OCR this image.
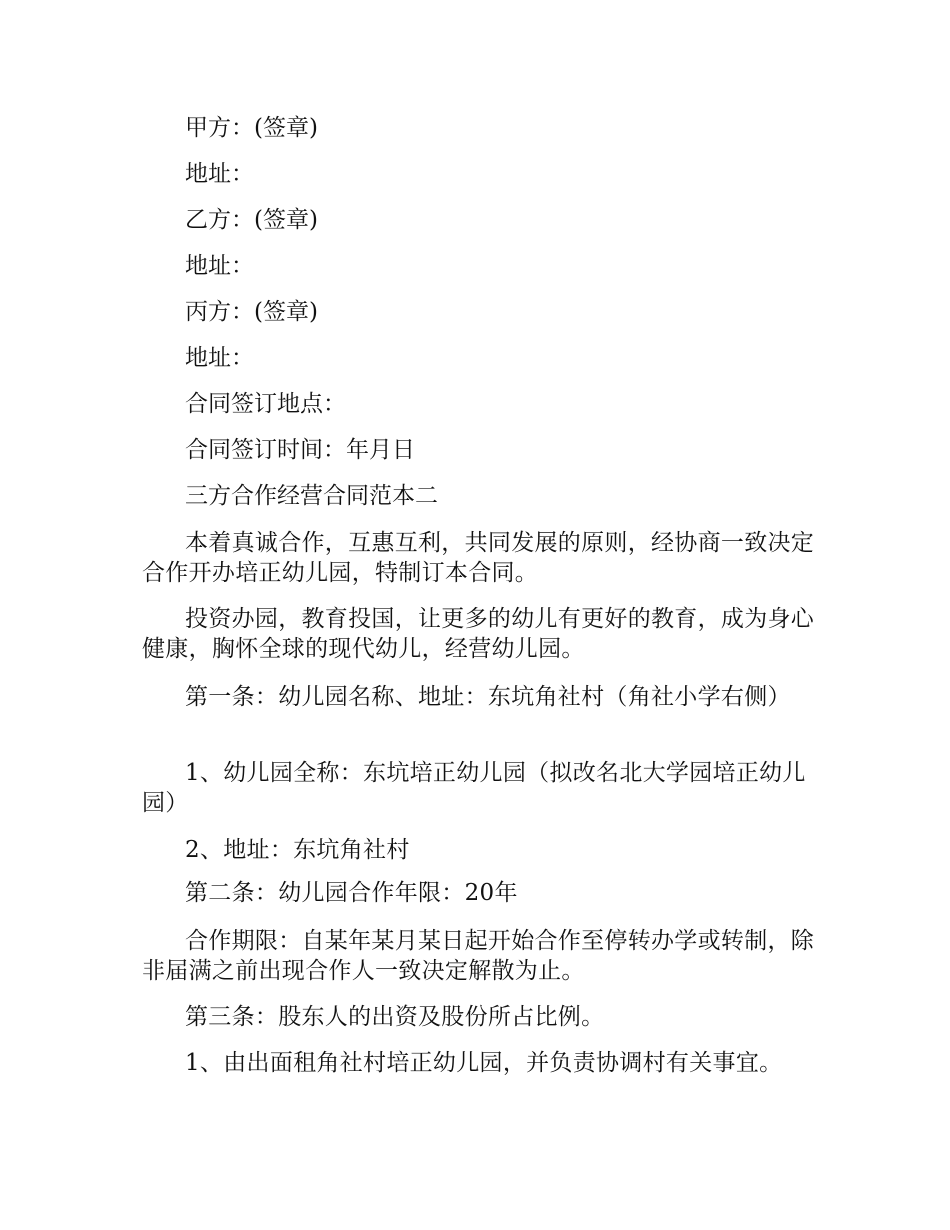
甲方：(签章)
地址：
乙方：(签章)
地址：
丙方：(签章)
地址：
合同签订地点：
合同签订时间：年月日
三方合作经营合同范本二
本着真诚合作，互惠互利，共同发展的原则，经协商一致决定合作开办培正幼儿园，特制订本合同。
投资办园，教育投国，让更多的幼儿有更好的教育，成为身心健康，胸怀全球的现代幼儿，经营幼儿园。
第一条：幼儿园名称、地址：东坑角社村（角社小学右侧）
1、幼儿园全称：东坑培正幼儿园（拟改名北大学园培正幼儿园）
2、地址：东坑角社村
第二条：幼儿园合作年限：20年
合作期限：自某年某月某日起开始合作至停转办学或转制，除非届满之前出现合作人一致决定解散为止。
第三条：股东人的出资及股份所占比例。
1、由出面租角社村培正幼儿园，并负责协调村有关事宜。
